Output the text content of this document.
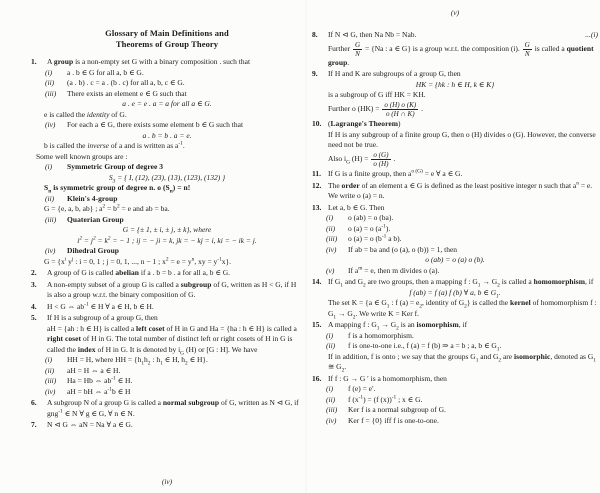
Glossary of Main Definitions and
Theorems of Group Theory
1.	A group is a non-empty set G with a binary composition . such that
(i) a . b ∈ G for all a, b ∈ G.
(ii) (a . b) . c = a . (b . c) for all a, b, c ∈ G.
(iii) There exists an element e ∈ G such that
a . e = e . a = a for all a ∈ G.
e is called the identity of G.
(iv) For each a ∈ G, there exists some element b ∈ G such that
a . b = b . a = e.
b is called the inverse of a and is written as $a^{-1}$.
Some well known groups are :
(i) Symmetric Group of degree 3
$S_3$ = { I, (12), (23), (13), (123), (132) }
$S_n$ is symmetric group of degree n. o $(S_n) = n$!
(ii) Klein's 4-group
G = {e, a, b, ab} ; $a^2 = b^2 = e$ and ab = ba.
(iii) Quaterian Group
G = {± 1, ± i, ± j, ± k}, where
$i^2 = j^2 = k^2$ = − 1 ; ij = − ji = k, jk = − kj = i, ki = − ik = j.
(iv) Dihedral Group
$G = \{x^i$ $y^j$ : i = 0, 1 ; j = 0, 1, ..., n − 1 ; $x^2 = e = y^n$, xy = $y^{-1}x$}.
2.	A group of G is called abelian if a . b = b . a for all a, b ∈ G.
3.	A non-empty subset of a group G is called a subgroup of G, written as H < G, if H is also a group w.r.t. the binary composition of G.
4.	H < G ⇔ $ab^{-1}$ ∈ H ∀ a ∈ H, b ∈ H.
5.	If H is a subgroup of a group G, then
aH = {ah : h ∈ H} is called a left coset of H in G and Ha = {ha : h ∈ H} is called a right coset of H in G. The total number of distinct left or right cosets of H in G is called the index of H in G. It is denoted by $i_G$ (H) or [G : H]. We have
(i) HH = H, where HH = {$h_1h_2$ : $h_1$ ∈ H, $h_2$ ∈ H}.
(ii) aH = H ⇔ a ∈ H.
(iii) Ha = Hb ⇔ $ab^{-1}$ ∈ H.
(iv) aH = bH ⇔ $a^{-1}b$ ∈ H
6.	A subgroup N of a group G is called a normal subgroup of G, written as N ⊲ G, if gng$^{-1}$ ∈ N ∀ g ∈ G, ∀ n ∈ N.
7.	N ⊲ G ⇔ aN = Na ∀ a ∈ G.
(iv)
(v)
8.	If N ⊲ G, then Na Nb = Nab.	...(i)
Further $\frac{G}{N} = \{Na$ : a ∈ G} is a group w.r.t. the composition (i). $\frac{G}{N}$ is called a quotient group.
9.	If H and K are subgroups of a group G, then
HK = {hk : h ∈ H, k ∈ K}
is a subgroup of G iff HK = KH.
Further o $(HK) = \frac{o (H) o (K)}{o (H \cap K)}$ .
10. (Lagrange's Theorem)
If H is any subgroup of a finite group G, then o (H) divides o (G). However, the converse need not be true.
Also $i_G$ $(H) = \frac{o (G)}{o (H)}$ .
11. If G is a finite group, then $a^{o (G)} = e$ ∀ a ∈ G.
12. The order of an element a ∈ G is defined as the least positive integer n such that $a^n = e$. We write o (a) = n.
13. Let a, b ∈ G. Then
(i) o (ab) = o (ba).
(ii) o (a) = o $(a^{-1})$.
(iii) o (a) = o ($b^{-1}$ a b).
(iv) If ab = ba and (o (a), o (b)) = 1, then
o (ab) = o (a) o (b).
(v) If $a^m = e$, then m divides o (a).
14. If $G_1$ and $G_2$ are two groups, then a mapping f : $G_1 \to G_2$ is called a homomorphism, if
f (ab) = f (a) f (b) ∀ a, b ∈ $G_1$.
The set K = {a ∈ $G_1$ : f $(a) = e_2$, identity of $G_2$} is called the kernel of homomorphism f : $G_1 \to G_2$. We write K = Ker f.
15. A mapping f : $G_1 \to G_2$ is an isomorphism, if
(i) f is a homomorphism.
(ii) f is one-to-one i.e., f (a) = f (b) ⇒ a = b ; a, b ∈ $G_1$.
If in addition, f is onto ; we say that the groups $G_1$ and $G_2$ are isomorphic, denoted as $G_1$ ≅ $G_2$.
16. If f : G → G ′ is a homomorphism, then
(i) f (e) = e′.
(ii) f $(x^{-1}) = (f$ (x))$^{-1}$ ; x ∈ G.
(iii) Ker f is a normal subgroup of G.
(iv) Ker f = {0} iff f is one-to-one.
